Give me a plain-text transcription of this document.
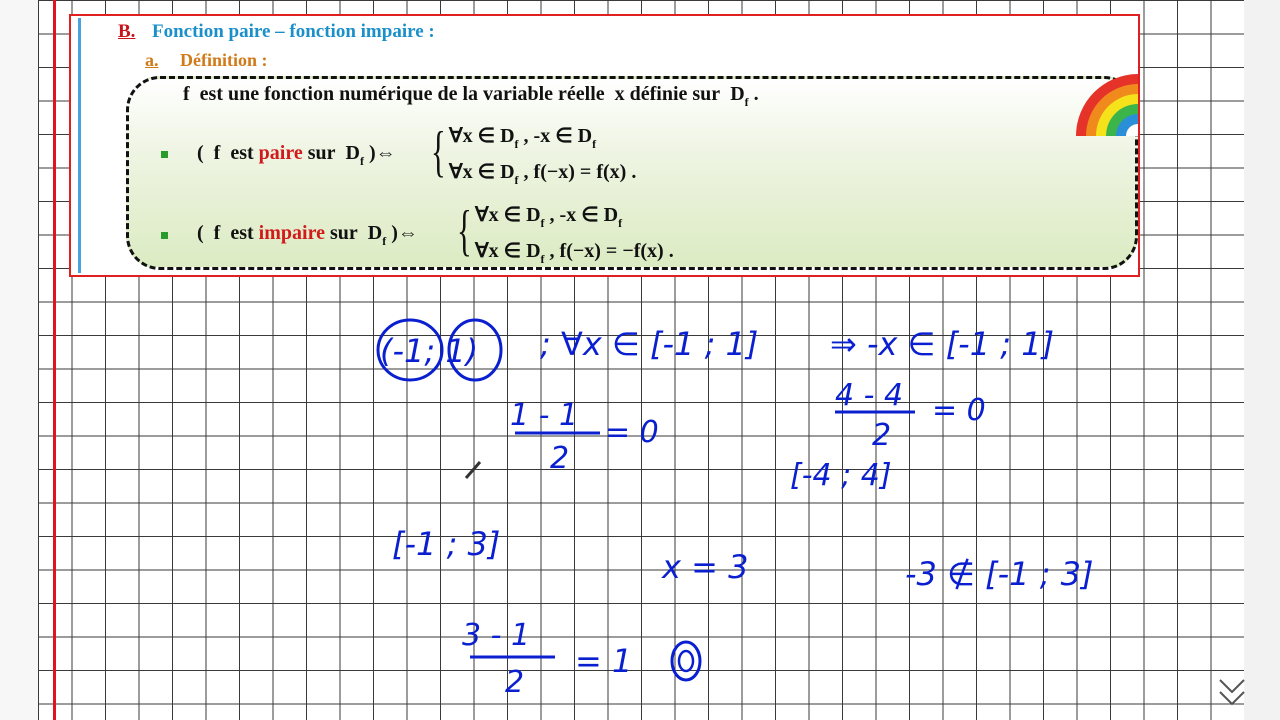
B. Fonction paire – fonction impaire :
a. Définition :
f est une fonction numérique de la variable réelle x définie sur $D_f$ .
( f est paire sur $D_f$ )⇔ { ∀x ∈ $D_f$ , -x ∈ $D_f$
∀x ∈ $D_f$ , f(−x) = f(x) .
( f est impaire sur $D_f$ )⇔ { ∀x ∈ $D_f$ , -x ∈ $D_f$
∀x ∈ $D_f$ , f(−x) = −f(x) .
(-1; 1) ; ∀x ∈ [-1 ; 1] ⇒ -x ∈ [-1 ; 1]
1 - 1
2
= 0
4 - 4
2
= 0
[-4 ; 4]
[-1 ; 3]
x = 3	-3 ∉ [-1 ; 3]
3 - 1
2
= 1
